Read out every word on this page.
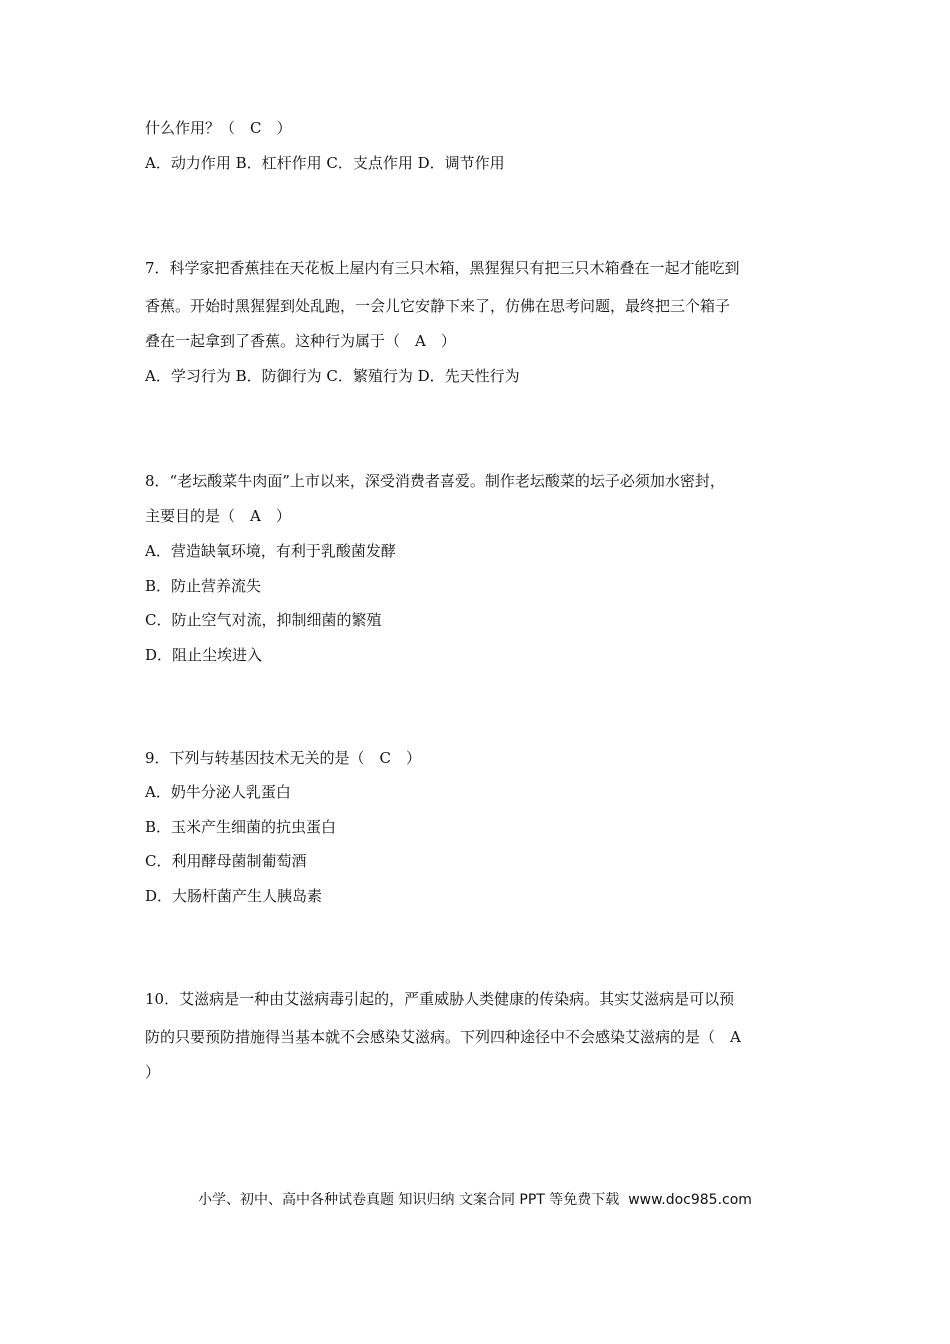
什么作用？（　C　）
A．动力作用 B．杠杆作用 C．支点作用 D．调节作用
7．科学家把香蕉挂在天花板上屋内有三只木箱，黑猩猩只有把三只木箱叠在一起才能吃到
香蕉。开始时黑猩猩到处乱跑，一会儿它安静下来了，仿佛在思考问题，最终把三个箱子
叠在一起拿到了香蕉。这种行为属于（　A　）
A．学习行为 B．防御行为 C．繁殖行为 D．先天性行为
8．“老坛酸菜牛肉面”上市以来，深受消费者喜爱。制作老坛酸菜的坛子必须加水密封，
主要目的是（　A　）
A．营造缺氧环境，有利于乳酸菌发酵
B．防止营养流失
C．防止空气对流，抑制细菌的繁殖
D．阻止尘埃进入
9．下列与转基因技术无关的是（　C　）
A．奶牛分泌人乳蛋白
B．玉米产生细菌的抗虫蛋白
C．利用酵母菌制葡萄酒
D．大肠杆菌产生人胰岛素
10．艾滋病是一种由艾滋病毒引起的，严重威胁人类健康的传染病。其实艾滋病是可以预
防的只要预防措施得当基本就不会感染艾滋病。下列四种途径中不会感染艾滋病的是（　A
）
小学、初中、高中各种试卷真题 知识归纳 文案合同 PPT 等免费下载  www.doc985.com
